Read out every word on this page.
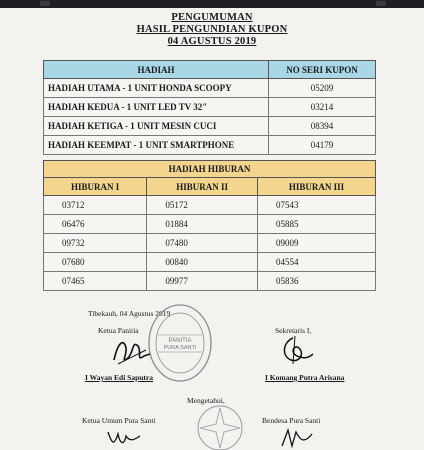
PENGUMUMAN
HASIL PENGUNDIAN KUPON
04 AGUSTUS 2019
HADIAH	NO SERI KUPON
HADIAH UTAMA - 1 UNIT HONDA SCOOPY	05209
HADIAH KEDUA - 1 UNIT LED TV 32"	03214
HADIAH KETIGA - 1 UNIT MESIN CUCI	08394
HADIAH KEEMPAT - 1 UNIT SMARTPHONE	04179
HADIAH HIBURAN		
HIBURAN I	HIBURAN II	HIBURAN III
03712	05172	07543
06476	01884	05885
09732	07480	09009
07680	00840	04554
07465	09977	05836
Tibekauh, 04 Agustus 2019
Ketua Panitia	Sekretaris I,
PANITIA
PURA SANTI
I Wayan Edi Saputra	I Komang Putra Arisana
Mengetahui,
Ketua Umum Pura Santi	Bendesa Pura Santi
